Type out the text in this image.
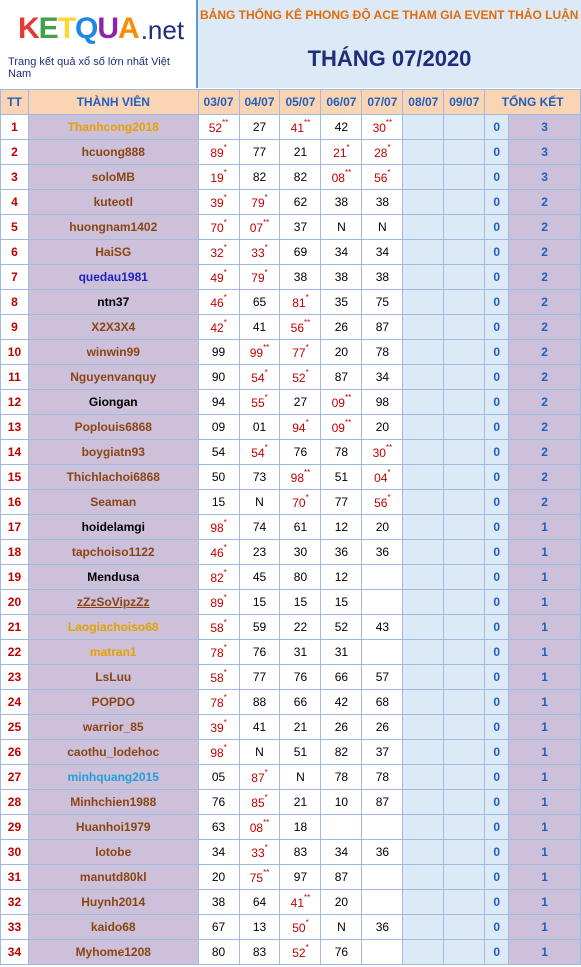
K E T Q U A .net
Trang kết quả xổ số lớn nhất Việt Nam
BẢNG THỐNG KÊ PHONG ĐỘ ACE THAM GIA EVENT THẢO LUẬN
THÁNG 07/2020
TT	THÀNH VIÊN	03/07	04/07	05/07	06/07	07/07	08/07	09/07	TỔNG KẾT	
1	Thanhcong2018	52**	27	41**	42	30**			0	3
2	hcuong888	89*	77	21	21*	28*			0	3
3	soloMB	19*	82	82	08**	56*			0	3
4	kuteotl	39*	79*	62	38	38			0	2
5	huongnam1402	70*	07**	37	N	N			0	2
6	HaiSG	32*	33*	69	34	34			0	2
7	quedau1981	49*	79*	38	38	38			0	2
8	ntn37	46*	65	81*	35	75			0	2
9	X2X3X4	42*	41	56**	26	87			0	2
10	winwin99	99	99**	77*	20	78			0	2
11	Nguyenvanquy	90	54*	52*	87	34			0	2
12	Giongan	94	55*	27	09**	98			0	2
13	Poplouis6868	09	01	94*	09**	20			0	2
14	boygiatn93	54	54*	76	78	30**			0	2
15	Thichlachoi6868	50	73	98**	51	04*			0	2
16	Seaman	15	N	70*	77	56*			0	2
17	hoidelamgi	98*	74	61	12	20			0	1
18	tapchoiso1122	46*	23	30	36	36			0	1
19	Mendusa	82*	45	80	12				0	1
20	zZzSoVipzZz	89*	15	15	15				0	1
21	Laogiachoiso68	58*	59	22	52	43			0	1
22	matran1	78*	76	31	31				0	1
23	LsLuu	58*	77	76	66	57			0	1
24	POPDO	78*	88	66	42	68			0	1
25	warrior_85	39*	41	21	26	26			0	1
26	caothu_lodehoc	98*	N	51	82	37			0	1
27	minhquang2015	05	87*	N	78	78			0	1
28	Minhchien1988	76	85*	21	10	87			0	1
29	Huanhoi1979	63	08**	18					0	1
30	lotobe	34	33*	83	34	36			0	1
31	manutd80kl	20	75**	97	87				0	1
32	Huynh2014	38	64	41**	20				0	1
33	kaido68	67	13	50*	N	36			0	1
34	Myhome1208	80	83	52*	76				0	1
